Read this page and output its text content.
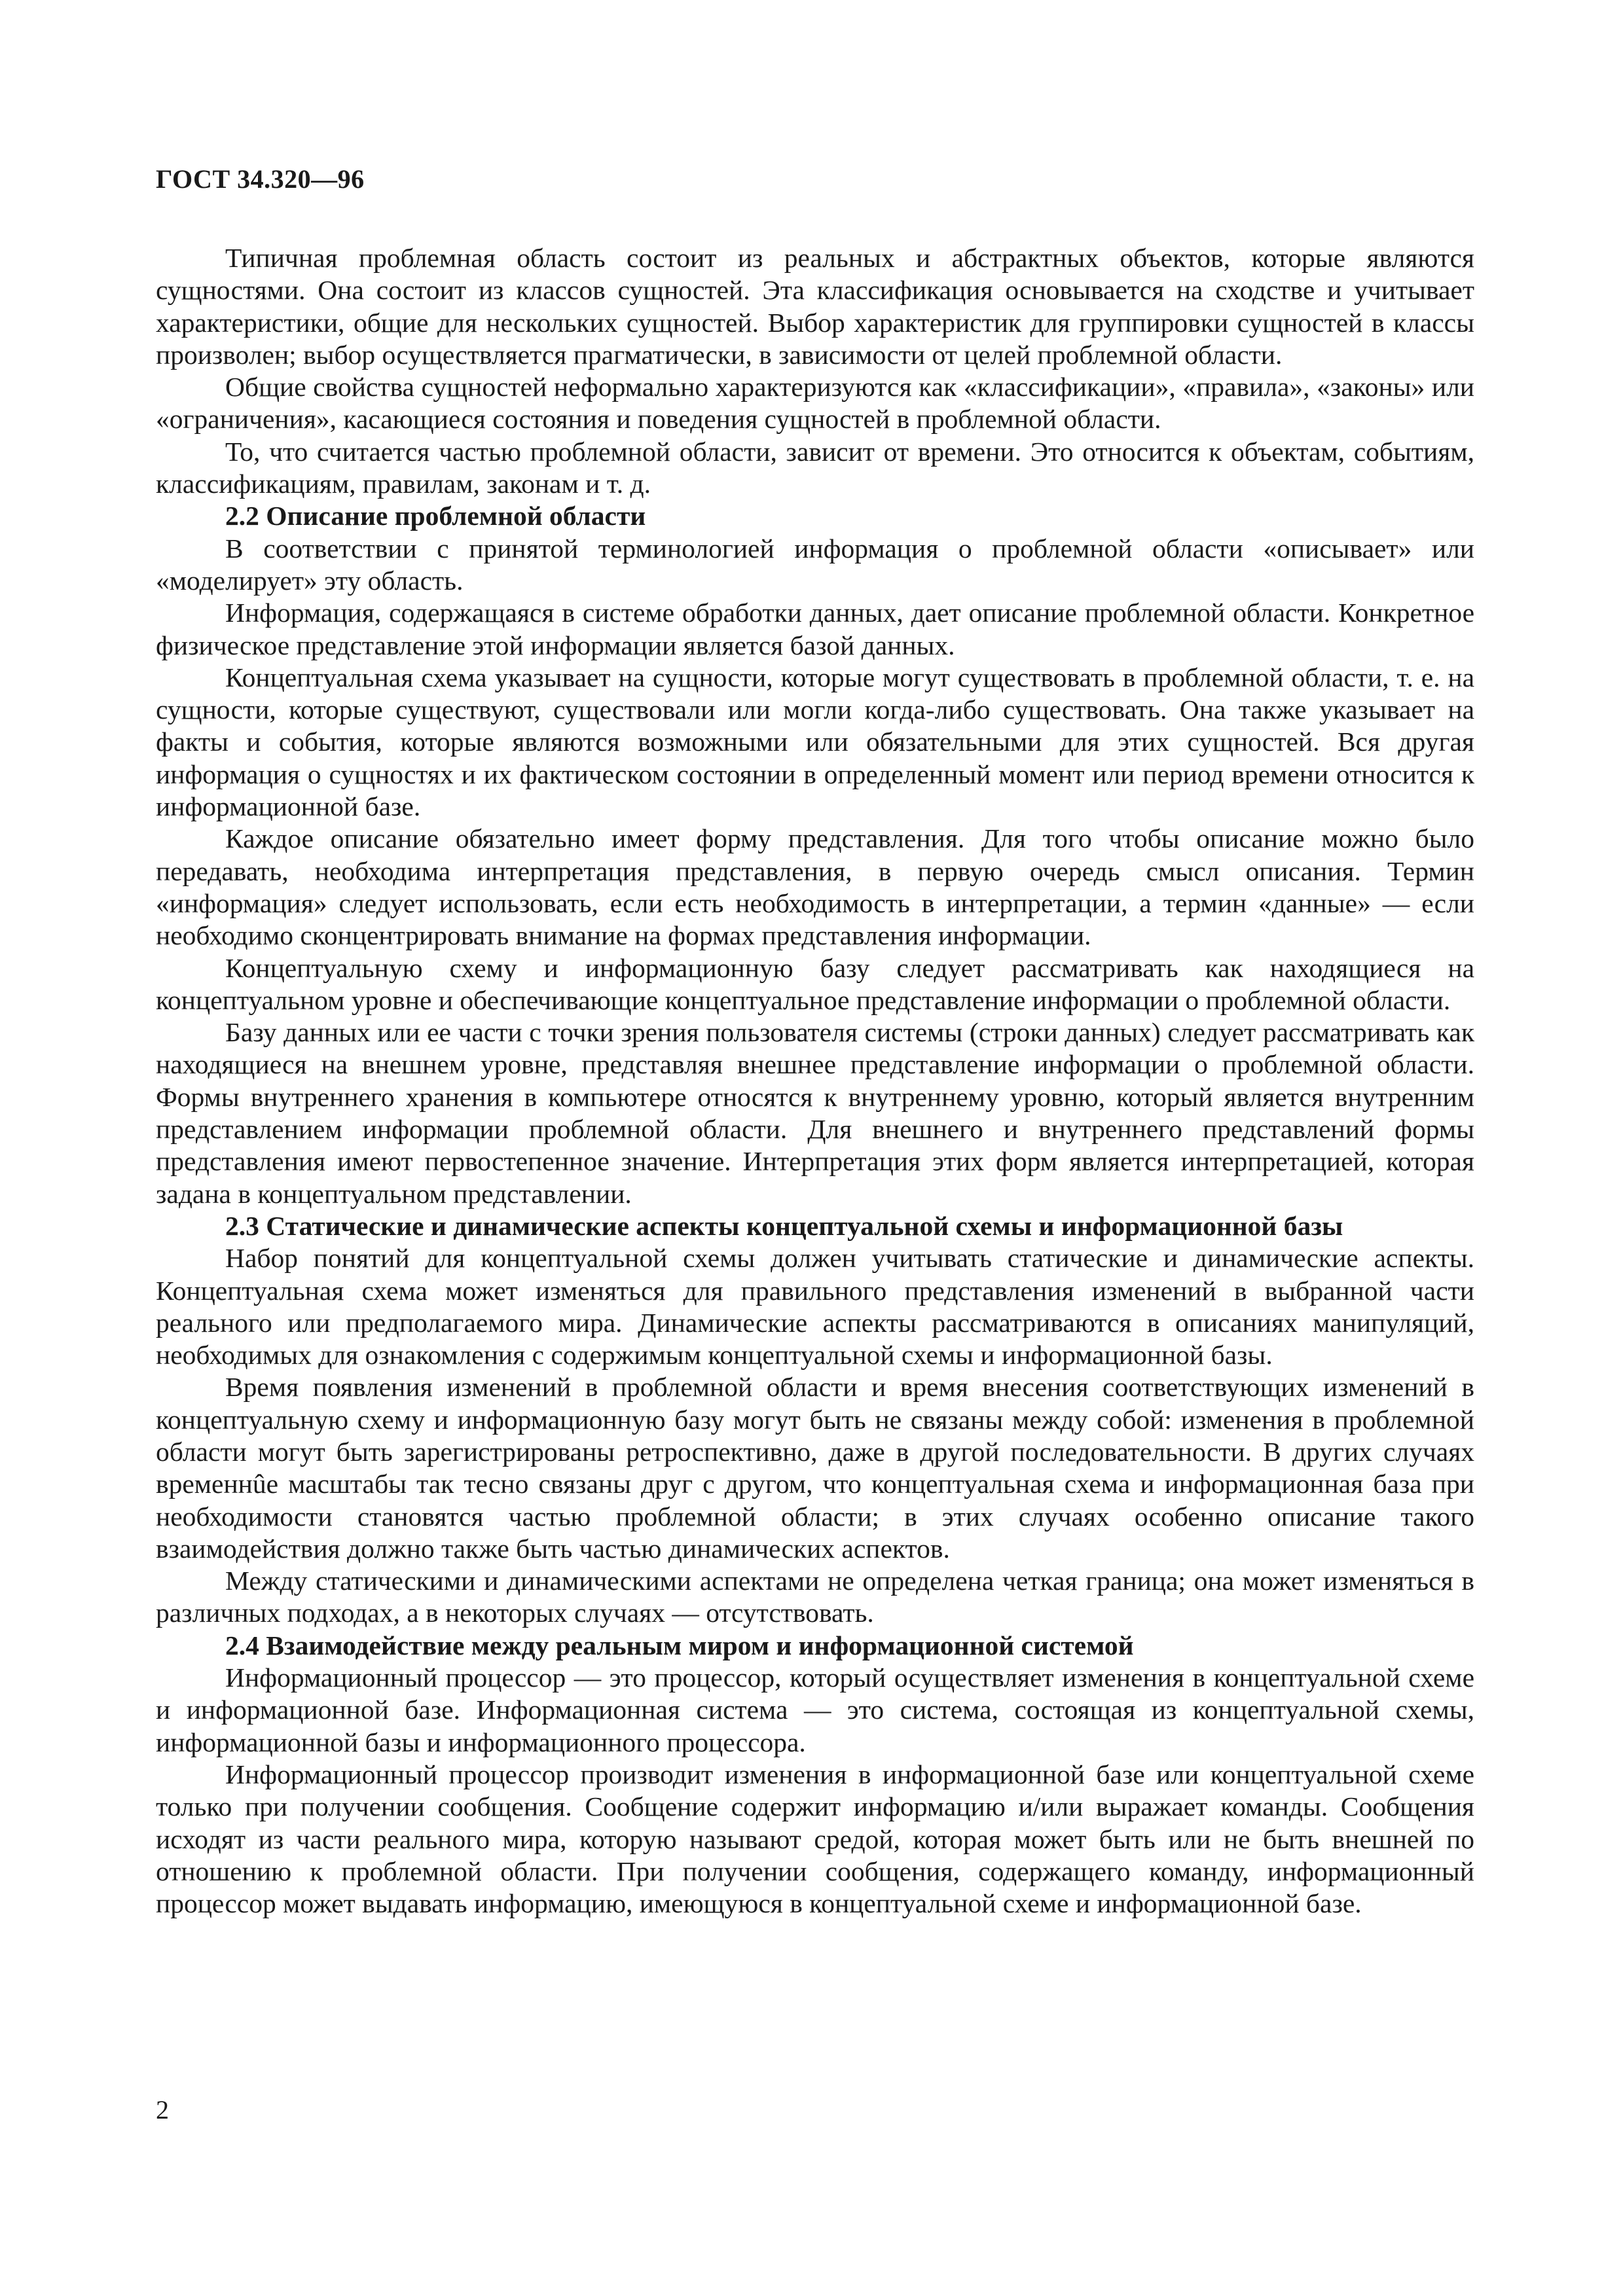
ГОСТ 34.320—96

Типичная проблемная область состоит из реальных и абстрактных объектов, которые являются сущностями. Она состоит из классов сущностей. Эта классификация основывается на сходстве и учитывает характеристики, общие для нескольких сущностей. Выбор характеристик для группировки сущностей в классы произволен; выбор осуществляется прагматически, в зависимости от целей проблемной области.

Общие свойства сущностей неформально характеризуются как «классификации», «правила», «законы» или «ограничения», касающиеся состояния и поведения сущностей в проблемной области.

То, что считается частью проблемной области, зависит от времени. Это относится к объектам, событиям, классификациям, правилам, законам и т. д.

2.2 Описание проблемной области

В соответствии с принятой терминологией информация о проблемной области «описывает» или «моделирует» эту область.

Информация, содержащаяся в системе обработки данных, дает описание проблемной области. Конкретное физическое представление этой информации является базой данных.

Концептуальная схема указывает на сущности, которые могут существовать в проблемной области, т. е. на сущности, которые существуют, существовали или могли когда-либо существовать. Она также указывает на факты и события, которые являются возможными или обязательными для этих сущностей. Вся другая информация о сущностях и их фактическом состоянии в определенный момент или период времени относится к информационной базе.

Каждое описание обязательно имеет форму представления. Для того чтобы описание можно было передавать, необходима интерпретация представления, в первую очередь смысл описания. Термин «информация» следует использовать, если есть необходимость в интерпретации, а термин «данные» — если необходимо сконцентрировать внимание на формах представления информации.

Концептуальную схему и информационную базу следует рассматривать как находящиеся на концептуальном уровне и обеспечивающие концептуальное представление информации о проблемной области.

Базу данных или ее части с точки зрения пользователя системы (строки данных) следует рассматривать как находящиеся на внешнем уровне, представляя внешнее представление информации о проблемной области. Формы внутреннего хранения в компьютере относятся к внутреннему уровню, который является внутренним представлением информации проблемной области. Для внешнего и внутреннего представлений формы представления имеют первостепенное значение. Интерпретация этих форм является интерпретацией, которая задана в концептуальном представлении.

2.3 Статические и динамические аспекты концептуальной схемы и информационной базы

Набор понятий для концептуальной схемы должен учитывать статические и динамические аспекты. Концептуальная схема может изменяться для правильного представления изменений в выбранной части реального или предполагаемого мира. Динамические аспекты рассматриваются в описаниях манипуляций, необходимых для ознакомления с содержимым концептуальной схемы и информационной базы.

Время появления изменений в проблемной области и время внесения соответствующих изменений в концептуальную схему и информационную базу могут быть не связаны между собой: изменения в проблемной области могут быть зарегистрированы ретроспективно, даже в другой последовательности. В других случаях временнûе масштабы так тесно связаны друг с другом, что концептуальная схема и информационная база при необходимости становятся частью проблемной области; в этих случаях особенно описание такого взаимодействия должно также быть частью динамических аспектов.

Между статическими и динамическими аспектами не определена четкая граница; она может изменяться в различных подходах, а в некоторых случаях — отсутствовать.

2.4 Взаимодействие между реальным миром и информационной системой

Информационный процессор — это процессор, который осуществляет изменения в концептуальной схеме и информационной базе. Информационная система — это система, состоящая из концептуальной схемы, информационной базы и информационного процессора.

Информационный процессор производит изменения в информационной базе или концептуальной схеме только при получении сообщения. Сообщение содержит информацию и/или выражает команды. Сообщения исходят из части реального мира, которую называют средой, которая может быть или не быть внешней по отношению к проблемной области. При получении сообщения, содержащего команду, информационный процессор может выдавать информацию, имеющуюся в концептуальной схеме и информационной базе.

2
